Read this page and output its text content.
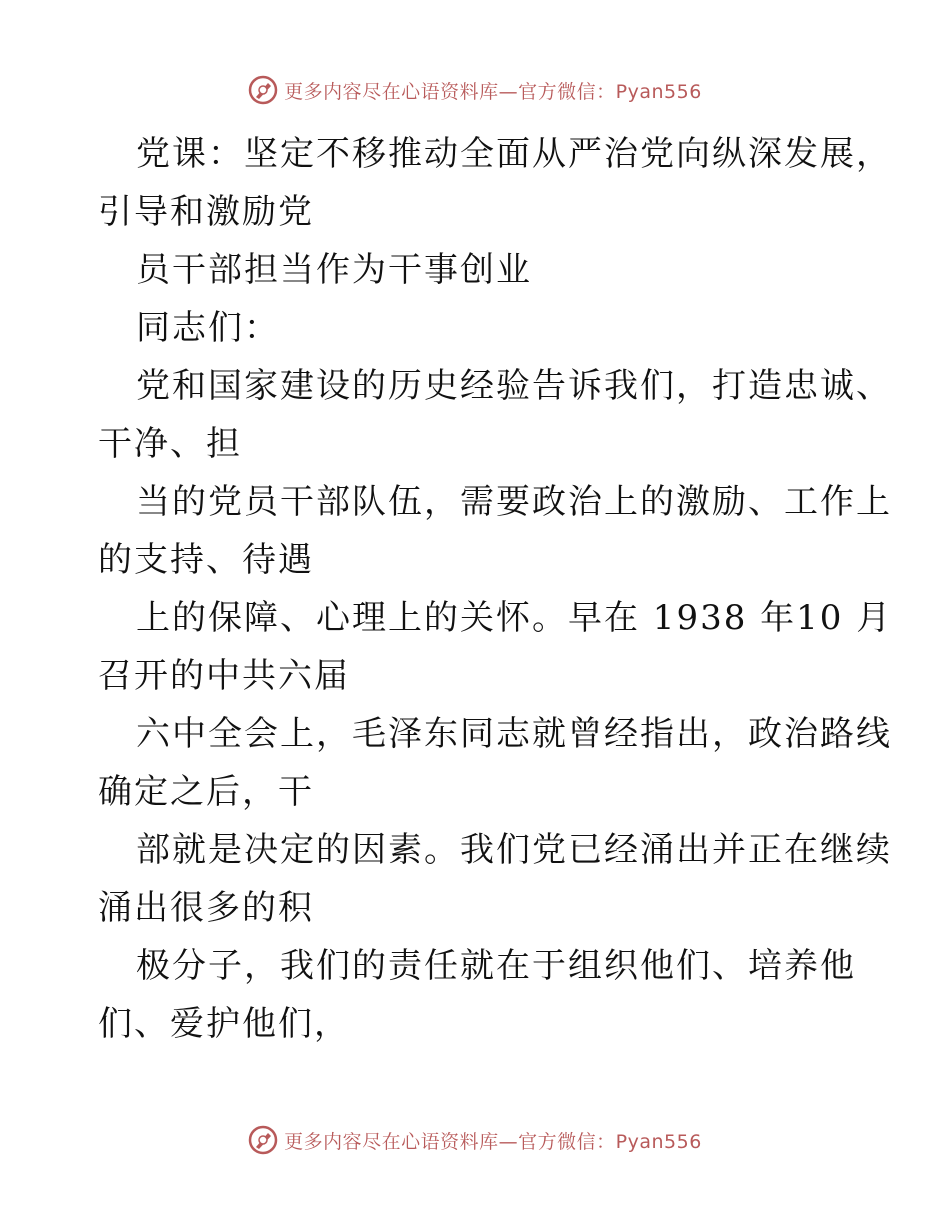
更多内容尽在心语资料库—官方微信：Pyan556
党课：坚定不移推动全面从严治党向纵深发展，
引导和激励党
员干部担当作为干事创业
同志们：
党和国家建设的历史经验告诉我们，打造忠诚、
干净、担
当的党员干部队伍，需要政治上的激励、工作上
的支持、待遇
上的保障、心理上的关怀。早在 1938 年10 月
召开的中共六届
六中全会上，毛泽东同志就曾经指出，政治路线
确定之后，干
部就是决定的因素。我们党已经涌出并正在继续
涌出很多的积
极分子，我们的责任就在于组织他们、培养他
们、爱护他们，
更多内容尽在心语资料库—官方微信：Pyan556
